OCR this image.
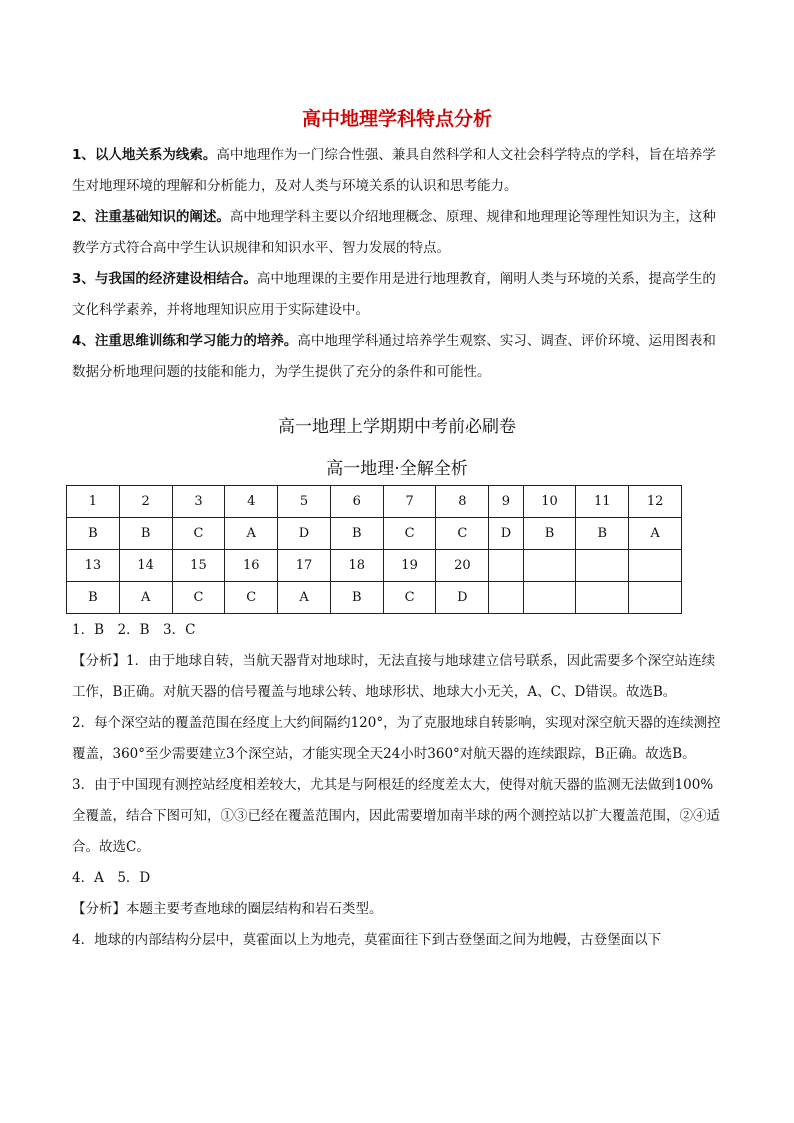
高中地理学科特点分析

1、以人地关系为线索。高中地理作为一门综合性强、兼具自然科学和人文社会科学特点的学科，旨在培养学生对地理环境的理解和分析能力，及对人类与环境关系的认识和思考能力。

2、注重基础知识的阐述。高中地理学科主要以介绍地理概念、原理、规律和地理理论等理性知识为主，这种教学方式符合高中学生认识规律和知识水平、智力发展的特点。

3、与我国的经济建设相结合。高中地理课的主要作用是进行地理教育，阐明人类与环境的关系，提高学生的文化科学素养，并将地理知识应用于实际建设中。

4、注重思维训练和学习能力的培养。高中地理学科通过培养学生观察、实习、调查、评价环境、运用图表和数据分析地理问题的技能和能力，为学生提供了充分的条件和可能性。

高一地理上学期期中考前必刷卷
高一地理·全解全析
1	2	3	4	5	6	7	8	9	10	11	12
B	B	C	A	D	B	C	C	D	B	B	A
13	14	15	16	17	18	19	20				
B	A	C	C	A	B	C	D				

1．B　2．B　3．C

【分析】1．由于地球自转，当航天器背对地球时，无法直接与地球建立信号联系，因此需要多个深空站连续工作，B正确。对航天器的信号覆盖与地球公转、地球形状、地球大小无关，A、C、D错误。故选B。

2．每个深空站的覆盖范围在经度上大约间隔约120°，为了克服地球自转影响，实现对深空航天器的连续测控覆盖，360°至少需要建立3个深空站，才能实现全天24小时360°对航天器的连续跟踪，B正确。故选B。

3．由于中国现有测控站经度相差较大，尤其是与阿根廷的经度差太大，使得对航天器的监测无法做到100%全覆盖，结合下图可知，①③已经在覆盖范围内，因此需要增加南半球的两个测控站以扩大覆盖范围，②④适合。故选C。

4．A　5．D

【分析】本题主要考查地球的圈层结构和岩石类型。

4．地球的内部结构分层中，莫霍面以上为地壳，莫霍面往下到古登堡面之间为地幔，古登堡面以下
